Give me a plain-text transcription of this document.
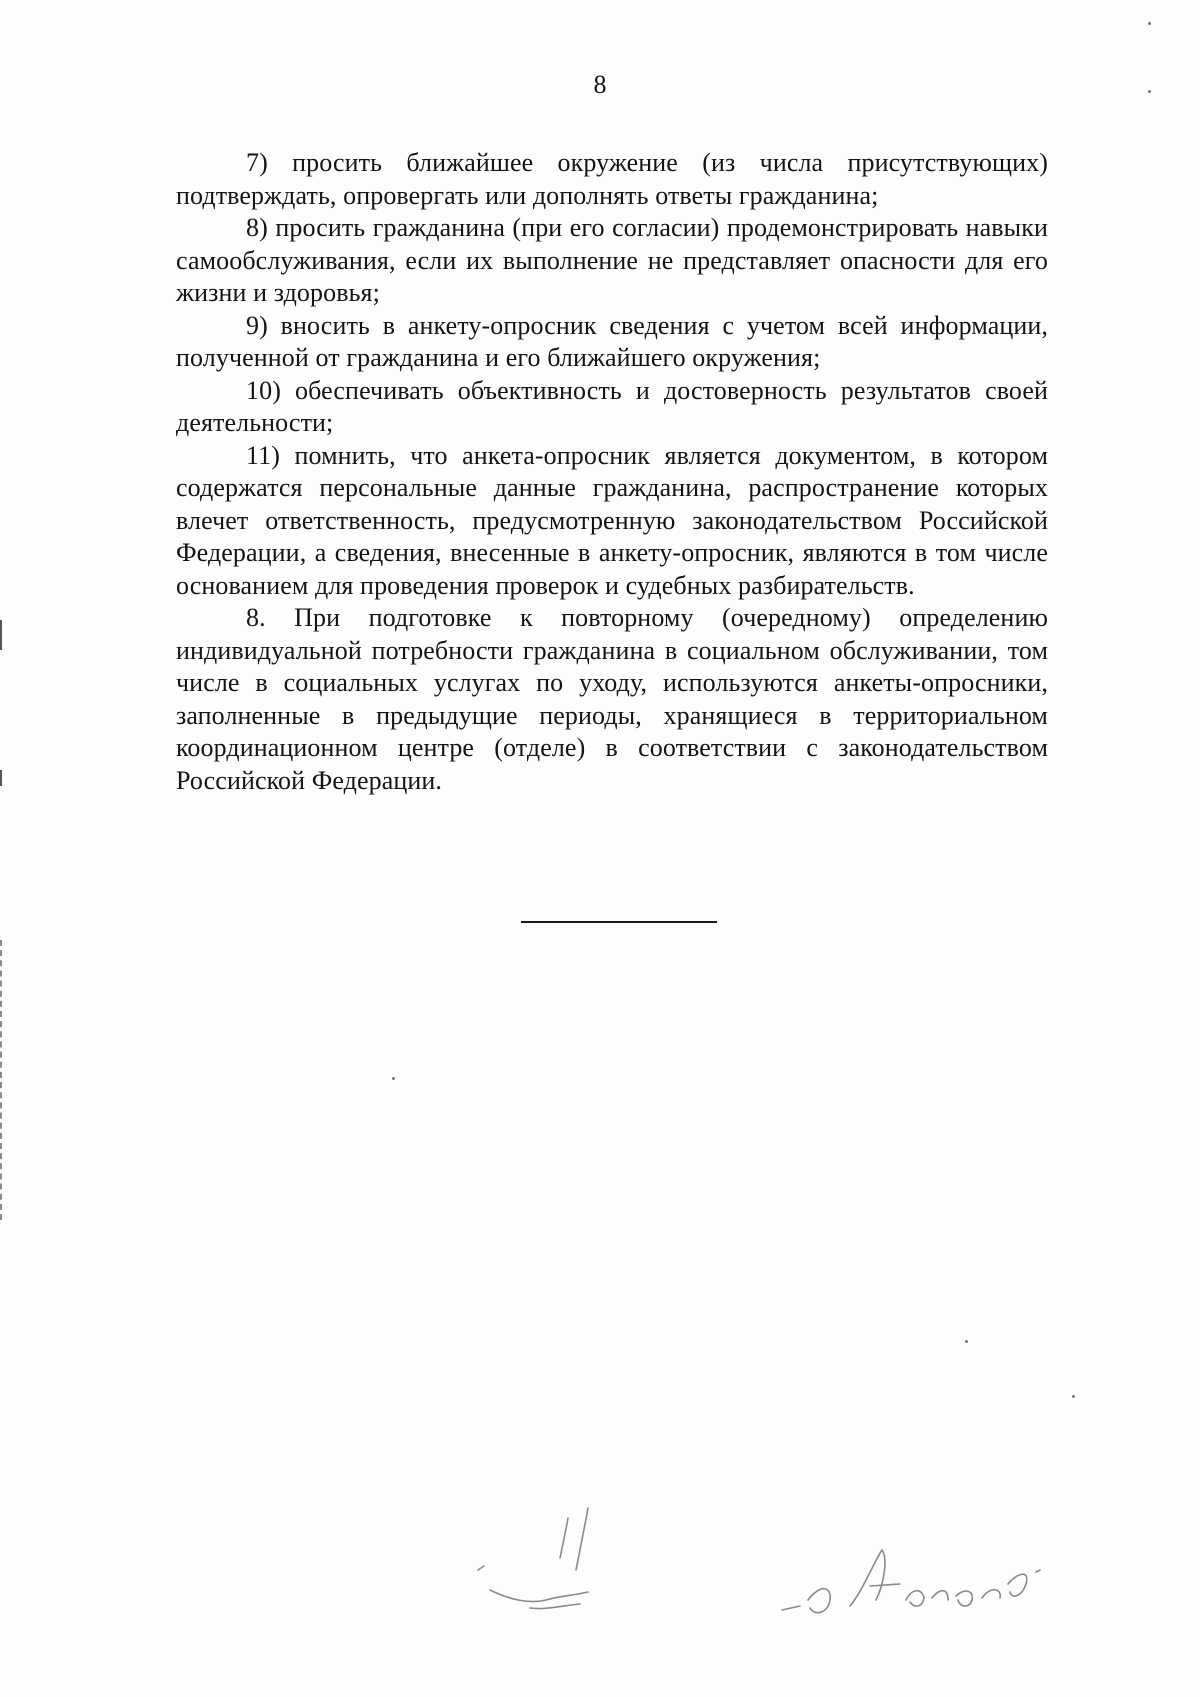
8

7) просить ближайшее окружение (из числа присутствующих) подтверждать, опровергать или дополнять ответы гражданина;

8) просить гражданина (при его согласии) продемонстрировать навыки самообслуживания, если их выполнение не представляет опасности для его жизни и здоровья;

9) вносить в анкету-опросник сведения с учетом всей информации, полученной от гражданина и его ближайшего окружения;

10) обеспечивать объективность и достоверность результатов своей деятельности;

11) помнить, что анкета-опросник является документом, в котором содержатся персональные данные гражданина, распространение которых влечет ответственность, предусмотренную законодательством Российской Федерации, а сведения, внесенные в анкету-опросник, являются в том числе основанием для проведения проверок и судебных разбирательств.

8. При подготовке к повторному (очередному) определению индивидуальной потребности гражданина в социальном обслуживании, том числе в социальных услугах по уходу, используются анкеты-опросники, заполненные в предыдущие периоды, хранящиеся в территориальном координационном центре (отделе) в соответствии с законодательством Российской Федерации.
